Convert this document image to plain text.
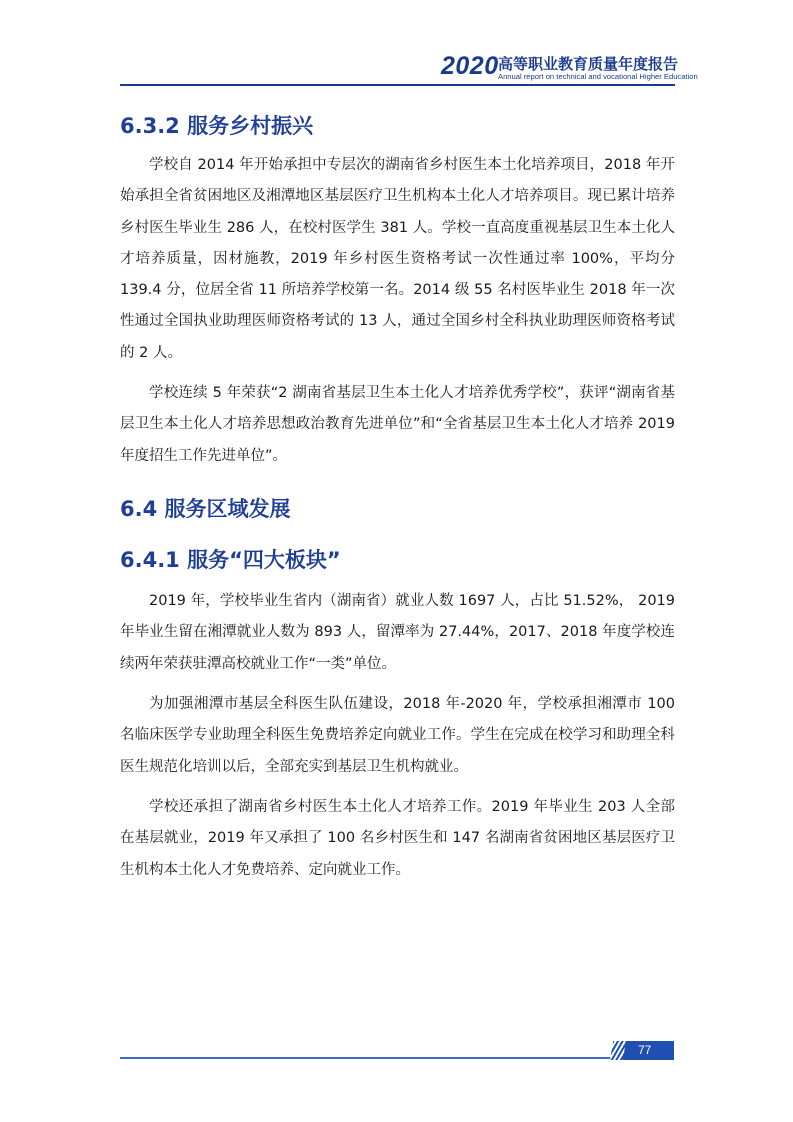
2020 高等职业教育质量年度报告
Annual report on technical and vocational Higher Education
6.3.2 服务乡村振兴

学校自 2014 年开始承担中专层次的湖南省乡村医生本土化培养项目，2018 年开始承担全省贫困地区及湘潭地区基层医疗卫生机构本土化人才培养项目。现已累计培养乡村医生毕业生 286 人，在校村医学生 381 人。学校一直高度重视基层卫生本土化人才培养质量，因材施教，2019 年乡村医生资格考试一次性通过率 100%，平均分 139.4 分，位居全省 11 所培养学校第一名。2014 级 55 名村医毕业生 2018 年一次性通过全国执业助理医师资格考试的 13 人，通过全国乡村全科执业助理医师资格考试的 2 人。

学校连续 5 年荣获“2 湖南省基层卫生本土化人才培养优秀学校”，获评“湖南省基层卫生本土化人才培养思想政治教育先进单位”和“全省基层卫生本土化人才培养 2019 年度招生工作先进单位”。

6.4 服务区域发展
6.4.1 服务“四大板块”

2019 年，学校毕业生省内（湖南省）就业人数 1697 人，占比 51.52%， 2019 年毕业生留在湘潭就业人数为 893 人，留潭率为 27.44%，2017、2018 年度学校连续两年荣获驻潭高校就业工作“一类”单位。

为加强湘潭市基层全科医生队伍建设，2018 年-2020 年，学校承担湘潭市 100 名临床医学专业助理全科医生免费培养定向就业工作。学生在完成在校学习和助理全科医生规范化培训以后，全部充实到基层卫生机构就业。

学校还承担了湖南省乡村医生本土化人才培养工作。2019 年毕业生 203 人全部在基层就业，2019 年又承担了 100 名乡村医生和 147 名湖南省贫困地区基层医疗卫生机构本土化人才免费培养、定向就业工作。

77
